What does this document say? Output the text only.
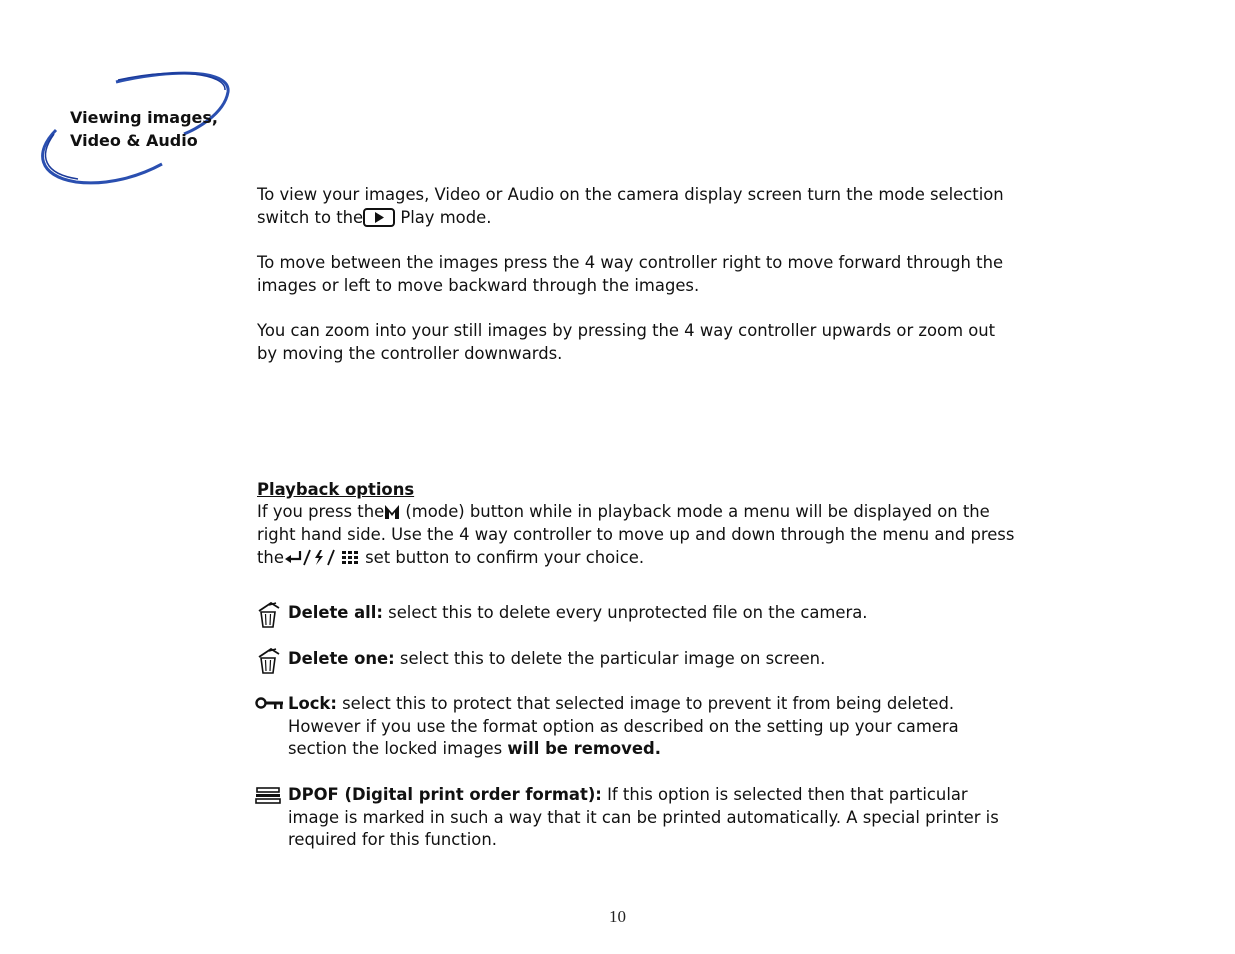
Viewing images,
Video & Audio

To view your images, Video or Audio on the camera display screen turn the mode selection switch to the Play mode.

To move between the images press the 4 way controller right to move forward through the images or left to move backward through the images.

You can zoom into your still images by pressing the 4 way controller upwards or zoom out by moving the controller downwards.

Playback options
If you press the (mode) button while in playback mode a menu will be displayed on the right hand side. Use the 4 way controller to move up and down through the menu and press the	set button to confirm your choice.

Delete all: select this to delete every unprotected file on the camera.
Delete one: select this to delete the particular image on screen.
Lock: select this to protect that selected image to prevent it from being deleted. However if you use the format option as described on the setting up your camera section the locked images will be removed.
DPOF (Digital print order format): If this option is selected then that particular image is marked in such a way that it can be printed automatically. A special printer is required for this function.
10
